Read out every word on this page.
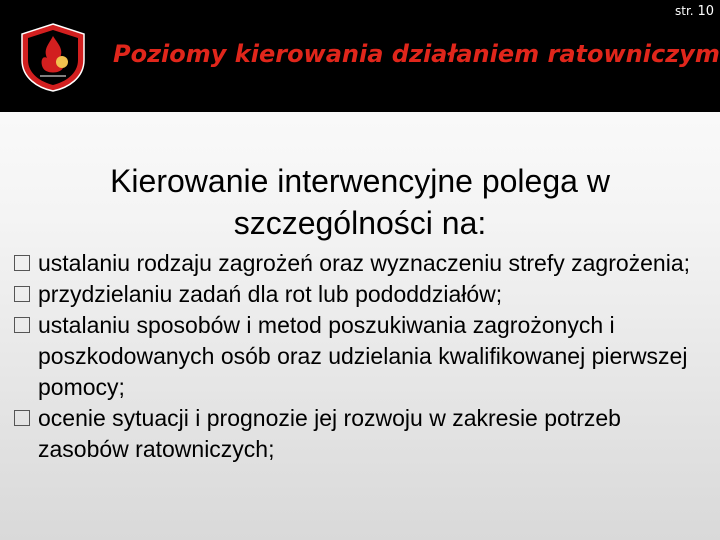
str. 10
Poziomy kierowania działaniem ratowniczym
Kierowanie interwencyjne polega w szczególności na:
ustalaniu rodzaju zagrożeń oraz wyznaczeniu strefy zagrożenia;
przydzielaniu zadań dla rot lub pododdziałów;
ustalaniu sposobów i metod poszukiwania zagrożonych i poszkodowanych osób oraz udzielania kwalifikowanej pierwszej pomocy;
ocenie sytuacji i prognozie jej rozwoju w zakresie potrzeb zasobów ratowniczych;
